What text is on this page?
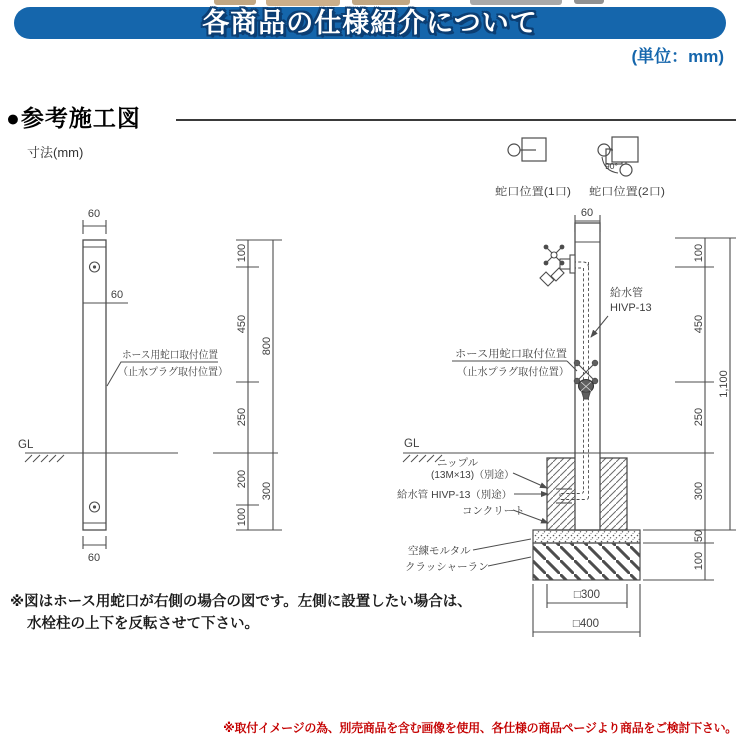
各商品の仕様紹介について
(単位：mm)
●参考施工図
寸法(mm)
蛇口位置(1口)
90°
蛇口位置(2口)
60
60
60
GL
ホース用蛇口取付位置
（止水プラグ取付位置）
100
450
250
200
100
800
300
60
GL
給水管
HIVP-13
ホース用蛇口取付位置
（止水プラグ取付位置）
ニップル
(13M×13)（別途）
給水管 HIVP-13（別途）
コンクリート
空練モルタル
クラッシャーラン
100
450
250
300
50
100
1,100
□300
□400
※図はホース用蛇口が右側の場合の図です。左側に設置したい場合は、
水栓柱の上下を反転させて下さい。
※取付イメージの為、別売商品を含む画像を使用、各仕様の商品ページより商品をご検討下さい。
